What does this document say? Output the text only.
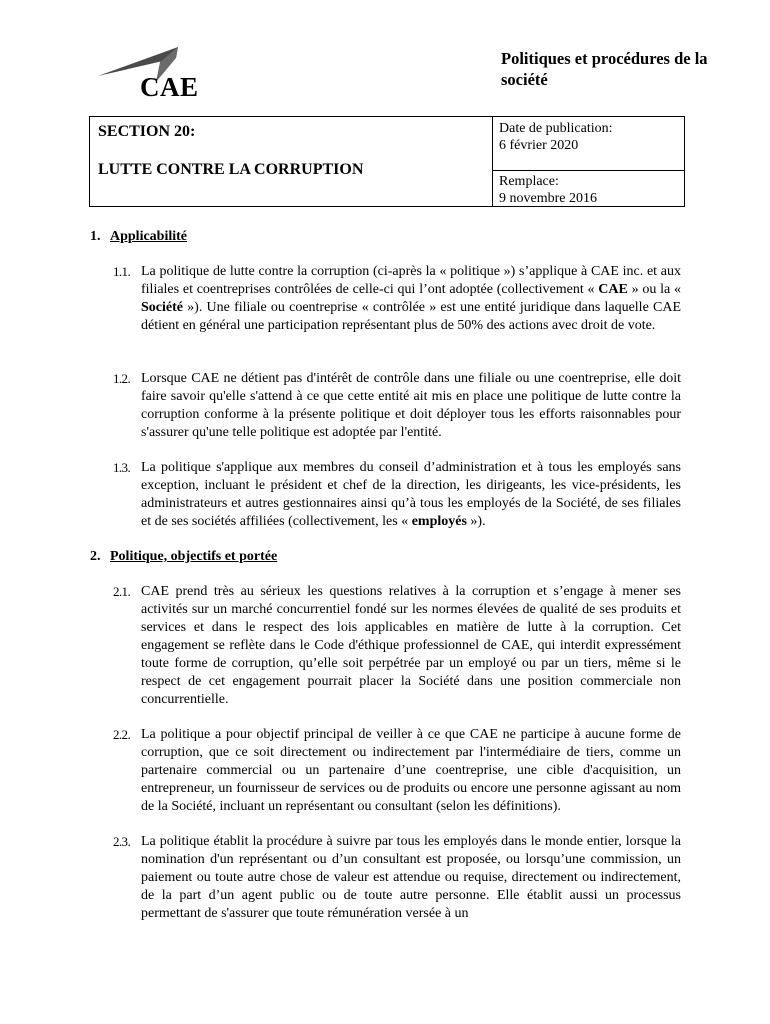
CAE
Politiques et procédures de la société
SECTION 20:
LUTTE CONTRE LA CORRUPTION
Date de publication:
6 février 2020
Remplace:
9 novembre 2016
1. Applicabilité
1.1. La politique de lutte contre la corruption (ci-après la « politique ») s’applique à CAE inc. et aux filiales et coentreprises contrôlées de celle-ci qui l’ont adoptée (collectivement « CAE » ou la « Société »). Une filiale ou coentreprise « contrôlée » est une entité juridique dans laquelle CAE détient en général une participation représentant plus de 50% des actions avec droit de vote.
1.2. Lorsque CAE ne détient pas d'intérêt de contrôle dans une filiale ou une coentreprise, elle doit faire savoir qu'elle s'attend à ce que cette entité ait mis en place une politique de lutte contre la corruption conforme à la présente politique et doit déployer tous les efforts raisonnables pour s'assurer qu'une telle politique est adoptée par l'entité.
1.3. La politique s'applique aux membres du conseil d’administration et à tous les employés sans exception, incluant le président et chef de la direction, les dirigeants, les vice-présidents, les administrateurs et autres gestionnaires ainsi qu’à tous les employés de la Société, de ses filiales et de ses sociétés affiliées (collectivement, les « employés »).
2. Politique, objectifs et portée
2.1. CAE prend très au sérieux les questions relatives à la corruption et s’engage à mener ses activités sur un marché concurrentiel fondé sur les normes élevées de qualité de ses produits et services et dans le respect des lois applicables en matière de lutte à la corruption. Cet engagement se reflète dans le Code d'éthique professionnel de CAE, qui interdit expressément toute forme de corruption, qu’elle soit perpétrée par un employé ou par un tiers, même si le respect de cet engagement pourrait placer la Société dans une position commerciale non concurrentielle.
2.2. La politique a pour objectif principal de veiller à ce que CAE ne participe à aucune forme de corruption, que ce soit directement ou indirectement par l'intermédiaire de tiers, comme un partenaire commercial ou un partenaire d’une coentreprise, une cible d'acquisition, un entrepreneur, un fournisseur de services ou de produits ou encore une personne agissant au nom de la Société, incluant un représentant ou consultant (selon les définitions).
2.3. La politique établit la procédure à suivre par tous les employés dans le monde entier, lorsque la nomination d'un représentant ou d’un consultant est proposée, ou lorsqu’une commission, un paiement ou toute autre chose de valeur est attendue ou requise, directement ou indirectement, de la part d’un agent public ou de toute autre personne. Elle établit aussi un processus permettant de s'assurer que toute rémunération versée à un
